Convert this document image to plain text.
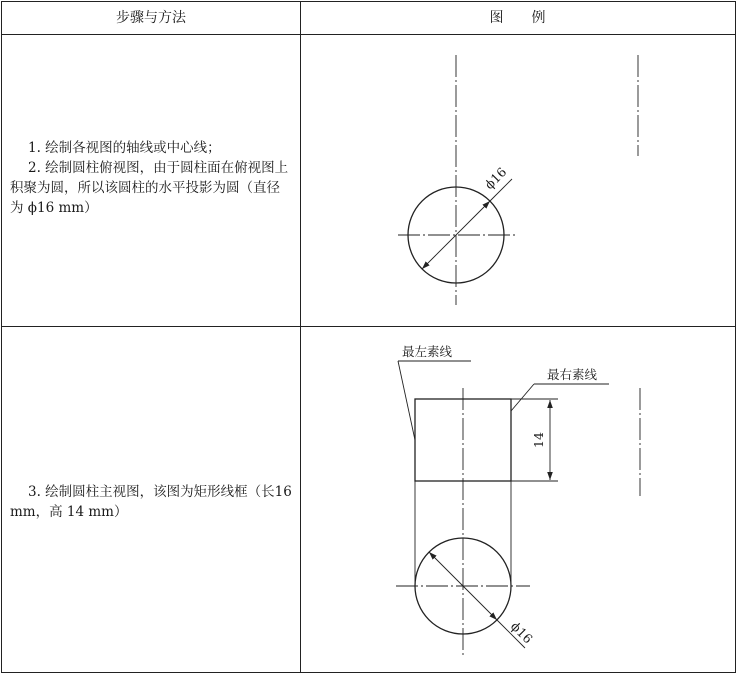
步骤与方法	图　　例

1. 绘制各视图的轴线或中心线；

2. 绘制圆柱俯视图，由于圆柱面在俯视图上积聚为圆，所以该圆柱的水平投影为圆（直径为 ϕ16 mm）

3. 绘制圆柱主视图，该图为矩形线框（长16 mm，高 14 mm）

ϕ16
14
ϕ16
最左素线
最右素线
